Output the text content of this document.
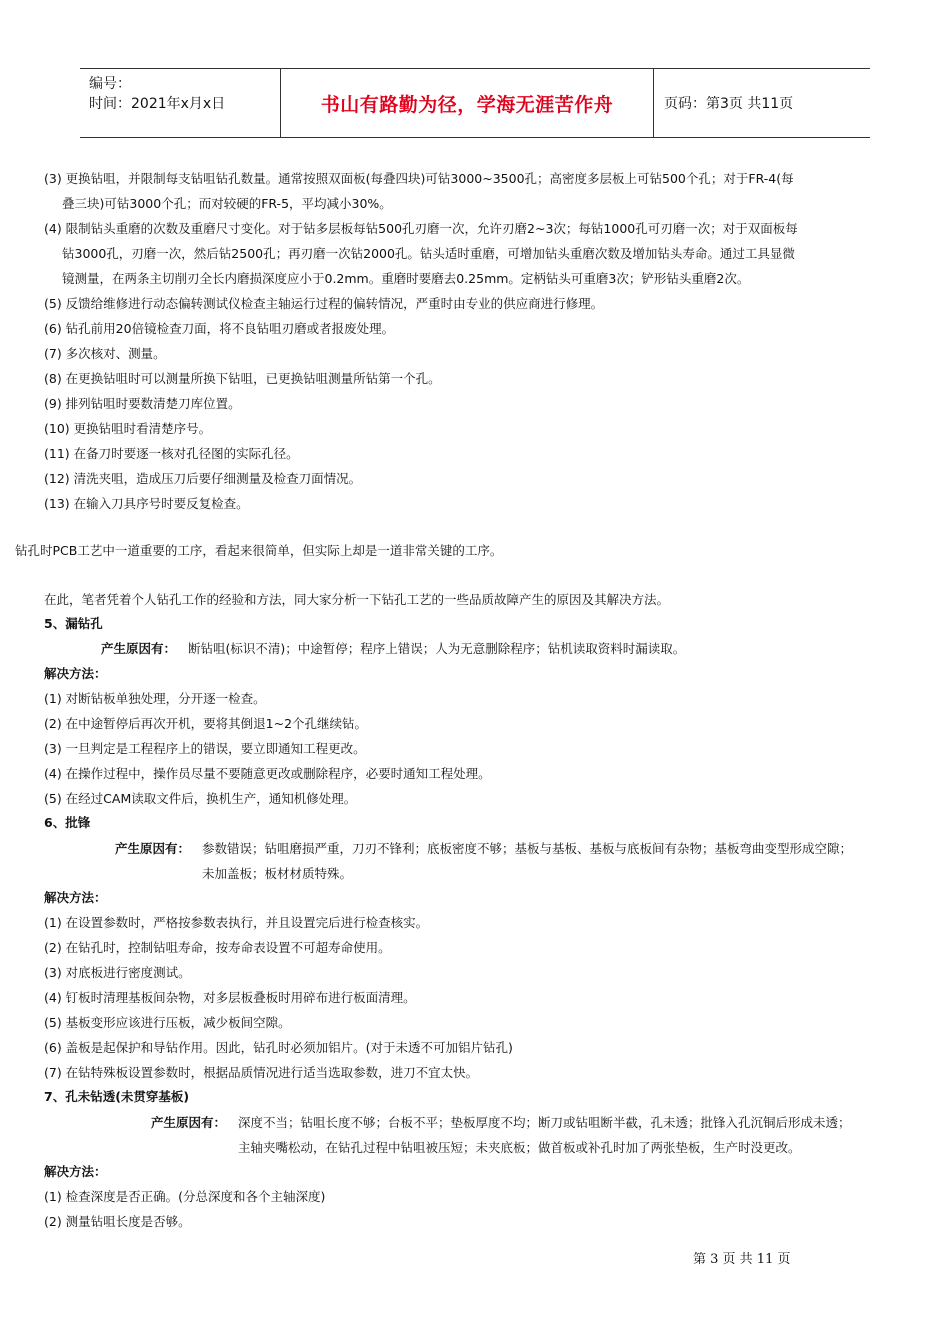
编号：
时间：2021年x月x日	书山有路勤为径，学海无涯苦作舟	页码：第3页 共11页
(3) 更换钻咀，并限制每支钻咀钻孔数量。通常按照双面板(每叠四块)可钻3000~3500孔；高密度多层板上可钻500个孔；对于FR-4(每
叠三块)可钻3000个孔；而对较硬的FR-5，平均减小30%。
(4) 限制钻头重磨的次数及重磨尺寸变化。对于钻多层板每钻500孔刃磨一次，允许刃磨2~3次；每钻1000孔可刃磨一次；对于双面板每
钻3000孔，刃磨一次，然后钻2500孔；再刃磨一次钻2000孔。钻头适时重磨，可增加钻头重磨次数及增加钻头寿命。通过工具显微
镜测量，在两条主切削刃全长内磨损深度应小于0.2mm。重磨时要磨去0.25mm。定柄钻头可重磨3次；铲形钻头重磨2次。
(5) 反馈给维修进行动态偏转测试仪检查主轴运行过程的偏转情况，严重时由专业的供应商进行修理。
(6) 钻孔前用20倍镜检查刀面，将不良钻咀刃磨或者报废处理。
(7) 多次核对、测量。
(8) 在更换钻咀时可以测量所换下钻咀，已更换钻咀测量所钻第一个孔。
(9) 排列钻咀时要数清楚刀库位置。
(10) 更换钻咀时看清楚序号。
(11) 在备刀时要逐一核对孔径图的实际孔径。
(12) 清洗夹咀，造成压刀后要仔细测量及检查刀面情况。
(13) 在输入刀具序号时要反复检查。
钻孔时PCB工艺中一道重要的工序，看起来很简单，但实际上却是一道非常关键的工序。
在此，笔者凭着个人钻孔工作的经验和方法，同大家分析一下钻孔工艺的一些品质故障产生的原因及其解决方法。
5、漏钻孔
产生原因有： 断钻咀(标识不清)；中途暂停；程序上错误；人为无意删除程序；钻机读取资料时漏读取。
解决方法：
(1) 对断钻板单独处理，分开逐一检查。
(2) 在中途暂停后再次开机，要将其倒退1~2个孔继续钻。
(3) 一旦判定是工程程序上的错误，要立即通知工程更改。
(4) 在操作过程中，操作员尽量不要随意更改或删除程序，必要时通知工程处理。
(5) 在经过CAM读取文件后，换机生产，通知机修处理。
6、批锋
产生原因有： 参数错误；钻咀磨损严重，刀刃不锋利；底板密度不够；基板与基板、基板与底板间有杂物；基板弯曲变型形成空隙；
未加盖板；板材材质特殊。
解决方法：
(1) 在设置参数时，严格按参数表执行，并且设置完后进行检查核实。
(2) 在钻孔时，控制钻咀寿命，按寿命表设置不可超寿命使用。
(3) 对底板进行密度测试。
(4) 钉板时清理基板间杂物，对多层板叠板时用碎布进行板面清理。
(5) 基板变形应该进行压板，减少板间空隙。
(6) 盖板是起保护和导钻作用。因此，钻孔时必须加铝片。(对于未透不可加铝片钻孔)
(7) 在钻特殊板设置参数时，根据品质情况进行适当选取参数，进刀不宜太快。
7、孔未钻透(未贯穿基板)
产生原因有： 深度不当；钻咀长度不够；台板不平；垫板厚度不均；断刀或钻咀断半截，孔未透；批锋入孔沉铜后形成未透；
主轴夹嘴松动，在钻孔过程中钻咀被压短；未夹底板；做首板或补孔时加了两张垫板，生产时没更改。
解决方法：
(1) 检查深度是否正确。(分总深度和各个主轴深度)
(2) 测量钻咀长度是否够。
第 3 页 共 11 页
